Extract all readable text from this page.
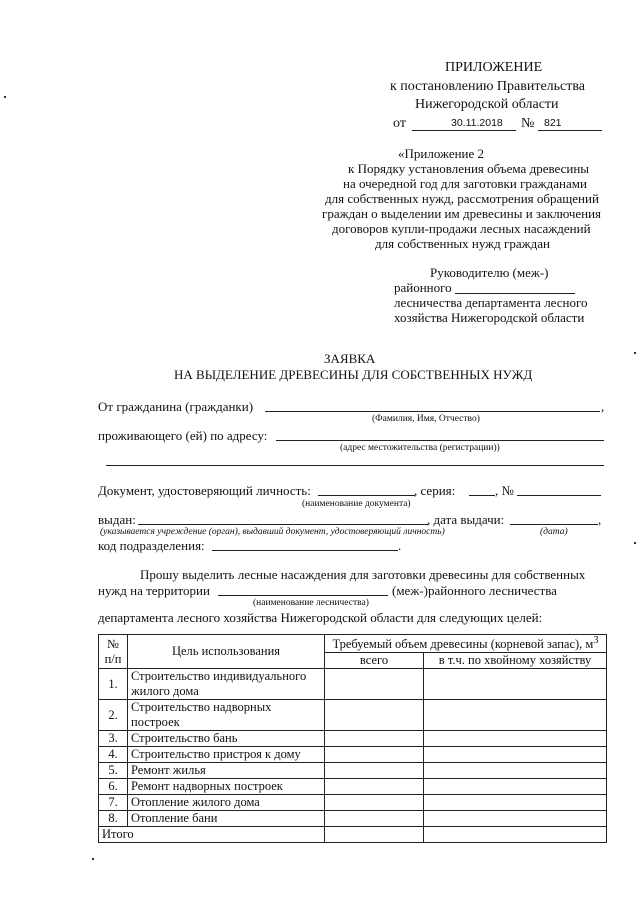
ПРИЛОЖЕНИЕ
к постановлению Правительства
Нижегородской области
от	30.11.2018 № 821
«Приложение 2
к Порядку установления объема древесины
на очередной год для заготовки гражданами
для собственных нужд, рассмотрения обращений
граждан о выделении им древесины и заключения
договоров купли-продажи лесных насаждений
для собственных нужд граждан
Руководителю (меж-)
районного
лесничества департамента лесного
хозяйства Нижегородской области
ЗАЯВКА
НА ВЫДЕЛЕНИЕ ДРЕВЕСИНЫ ДЛЯ СОБСТВЕННЫХ НУЖД
От гражданина (гражданки)	,
(Фамилия, Имя, Отчество)
проживающего (ей) по адресу:
(адрес местожительства (регистрации))
Документ, удостоверяющий личность:	, серия:	, №
(наименование документа)
выдан:	, дата выдачи:	,
(указывается учреждение (орган), выдавший документ, удостоверяющий личность)	(дата)
код подразделения:	.
Прошу выделить лесные насаждения для заготовки древесины для собственных
нужд на территории	(меж-)районного лесничества
(наименование лесничества)
департамента лесного хозяйства Нижегородской области для следующих целей:
№ п/п	Цель использования	Требуемый объем древесины (корневой запас), $м^3$
		всего	в т.ч. по хвойному хозяйству
1.	Строительство индивидуального жилого дома		
2.	Строительство надворных построек		
3.	Строительство бань		
4.	Строительство пристроя к дому		
5.	Ремонт жилья		
6.	Ремонт надворных построек		
7.	Отопление жилого дома		
8.	Отопление бани		
Итого			
